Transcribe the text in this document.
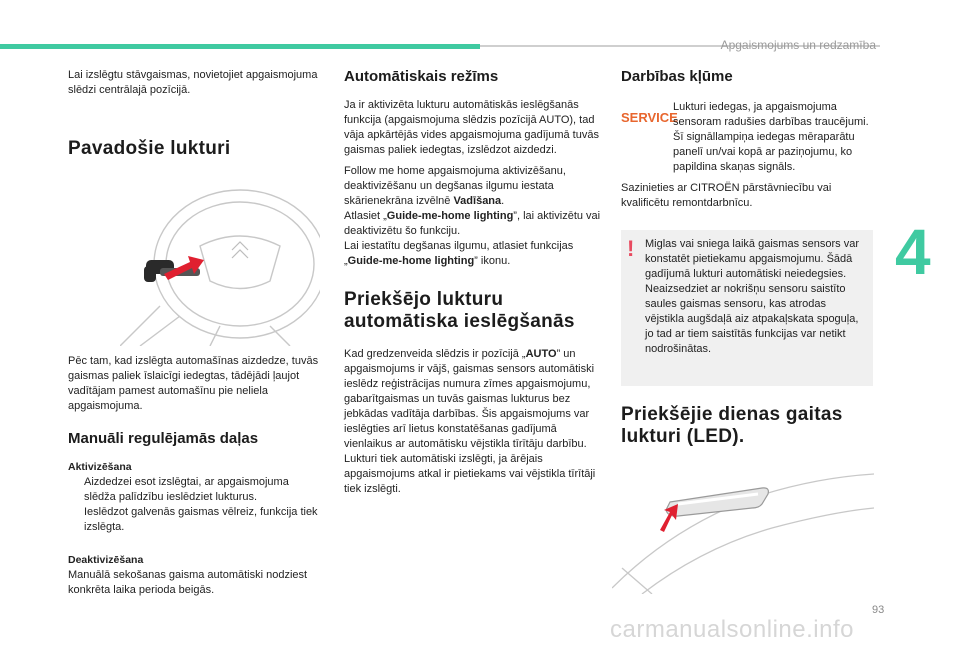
Apgaismojums un redzamība
4

Lai izslēgtu stāvgaismas, novietojiet apgaismojuma slēdzi centrālajā pozīcijā.

Pavadošie lukturi

Pēc tam, kad izslēgta automašīnas aizdedze, tuvās gaismas paliek īslaicīgi iedegtas, tādējādi ļaujot vadītājam pamest automašīnu pie neliela apgaismojuma.

Manuāli regulējamās daļas
Aktivizēšana
Aizdedzei esot izslēgtai, ar apgaismojuma slēdža palīdzību ieslēdziet lukturus.
Ieslēdzot galvenās gaismas vēlreiz, funkcija tiek izslēgta.
Deaktivizēšana

Manuālā sekošanas gaisma automātiski nodziest konkrēta laika perioda beigās.

Automātiskais režīms

Ja ir aktivizēta lukturu automātiskās ieslēgšanās funkcija (apgaismojuma slēdzis pozīcijā AUTO), tad vāja apkārtējās vides apgaismojuma gadījumā tuvās gaismas paliek iedegtas, izslēdzot aizdedzi.

Follow me home apgaismojuma aktivizēšanu, deaktivizēšanu un degšanas ilgumu iestata skārienekrāna izvēlnē Vadīšana.

Atlasiet „Guide-me-home lighting”, lai aktivizētu vai deaktivizētu šo funkciju.

Lai iestatītu degšanas ilgumu, atlasiet funkcijas „Guide-me-home lighting” ikonu.

Priekšējo lukturu automātiska ieslēgšanās

Kad gredzenveida slēdzis ir pozīcijā „AUTO” un apgaismojums ir vājš, gaismas sensors automātiski ieslēdz reģistrācijas numura zīmes apgaismojumu, gabarītgaismas un tuvās gaismas lukturus bez jebkādas vadītāja darbības. Šis apgaismojums var ieslēgties arī lietus konstatēšanas gadījumā vienlaikus ar automātisku vējstikla tīrītāju darbību.

Lukturi tiek automātiski izslēgti, ja ārējais apgaismojums atkal ir pietiekams vai vējstikla tīrītāji tiek izslēgti.

Darbības kļūme
SERVICE
Lukturi iedegas, ja apgaismojuma sensoram radušies darbības traucējumi. Šī signāllampiņa iedegas mēraparātu panelī un/vai kopā ar paziņojumu, ko papildina skaņas signāls.

Sazinieties ar CITROËN pārstāvniecību vai kvalificētu remontdarbnīcu.

! Miglas vai sniega laikā gaismas sensors var konstatēt pietiekamu apgaismojumu. Šādā gadījumā lukturi automātiski neiedegsies.
Neaizsedziet ar nokrišņu sensoru saistīto saules gaismas sensoru, kas atrodas vējstikla augšdaļā aiz atpakaļskata spoguļa, jo tad ar tiem saistītās funkcijas var netikt nodrošinātas.
Priekšējie dienas gaitas lukturi (LED).
93
carmanualsonline.info
